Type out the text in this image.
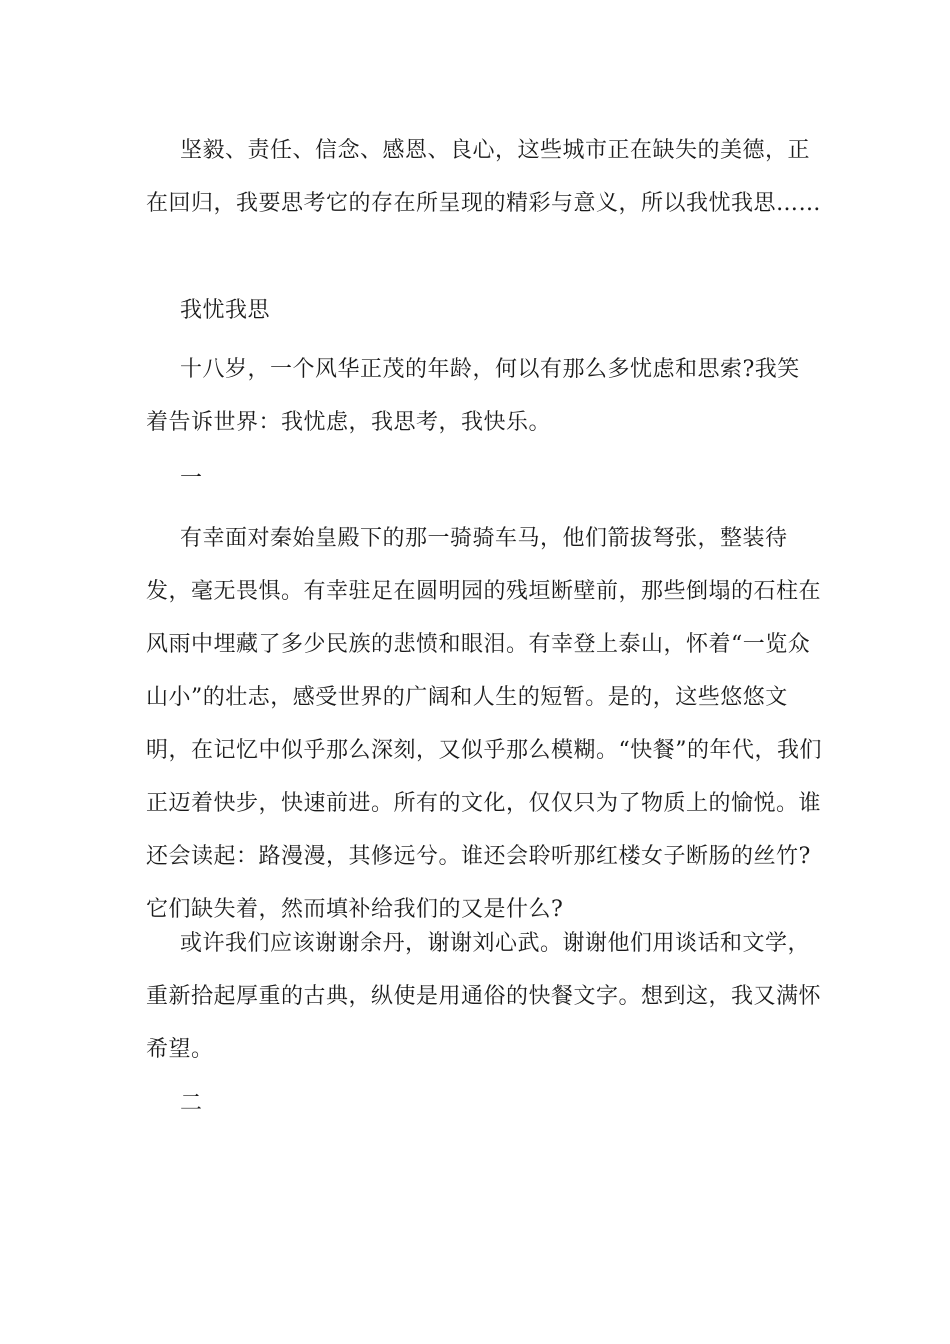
坚毅、责任、信念、感恩、良心，这些城市正在缺失的美德，正在回归，我要思考它的存在所呈现的精彩与意义，所以我忧我思……

我忧我思

十八岁，一个风华正茂的年龄，何以有那么多忧虑和思索?我笑着告诉世界：我忧虑，我思考，我快乐。

一

有幸面对秦始皇殿下的那一骑骑车马，他们箭拔弩张，整装待发，毫无畏惧。有幸驻足在圆明园的残垣断壁前，那些倒塌的石柱在风雨中埋藏了多少民族的悲愤和眼泪。有幸登上泰山，怀着“一览众山小”的壮志，感受世界的广阔和人生的短暂。是的，这些悠悠文明，在记忆中似乎那么深刻，又似乎那么模糊。“快餐”的年代，我们正迈着快步，快速前进。所有的文化，仅仅只为了物质上的愉悦。谁还会读起：路漫漫，其修远兮。谁还会聆听那红楼女子断肠的丝竹?它们缺失着，然而填补给我们的又是什么?

或许我们应该谢谢余丹，谢谢刘心武。谢谢他们用谈话和文学，重新拾起厚重的古典，纵使是用通俗的快餐文字。想到这，我又满怀希望。

二
